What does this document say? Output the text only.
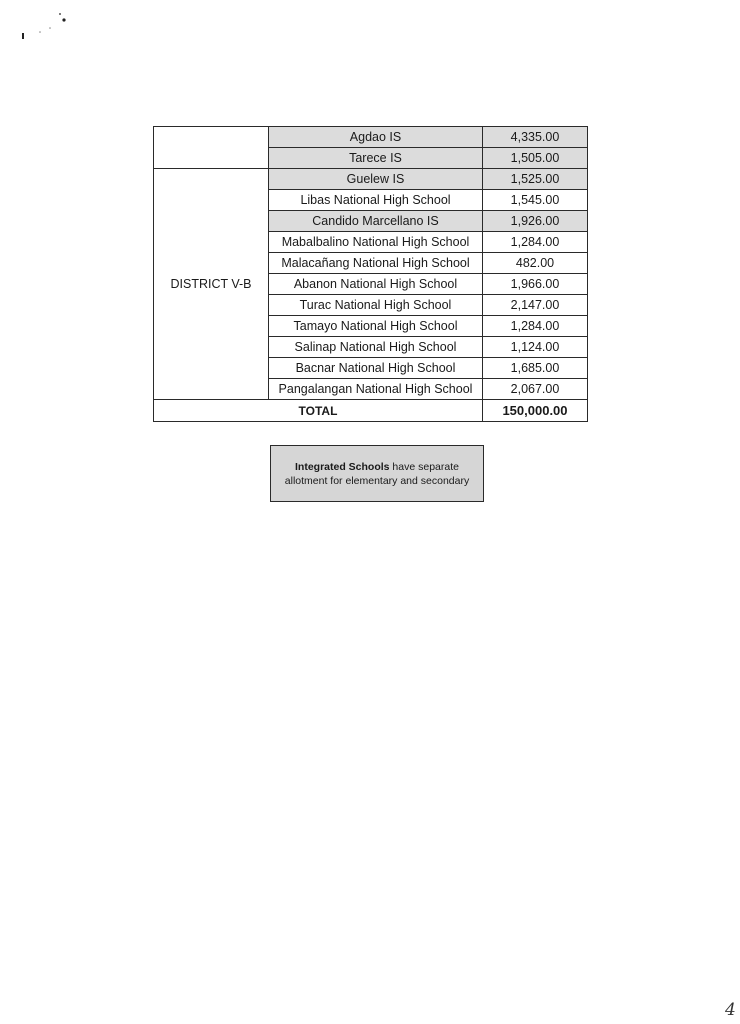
	Agdao IS	4,335.00
	Tarece IS	1,505.00
DISTRICT V-B	Guelew IS	1,525.00
	Libas National High School	1,545.00
	Candido Marcellano IS	1,926.00
	Mabalbalino National High School	1,284.00
	Malacañang National High School	482.00
	Abanon National High School	1,966.00
	Turac National High School	2,147.00
	Tamayo National High School	1,284.00
	Salinap National High School	1,124.00
	Bacnar National High School	1,685.00
	Pangalangan National High School	2,067.00
TOTAL		150,000.00
Integrated Schools have separate
allotment for elementary and secondary
4
